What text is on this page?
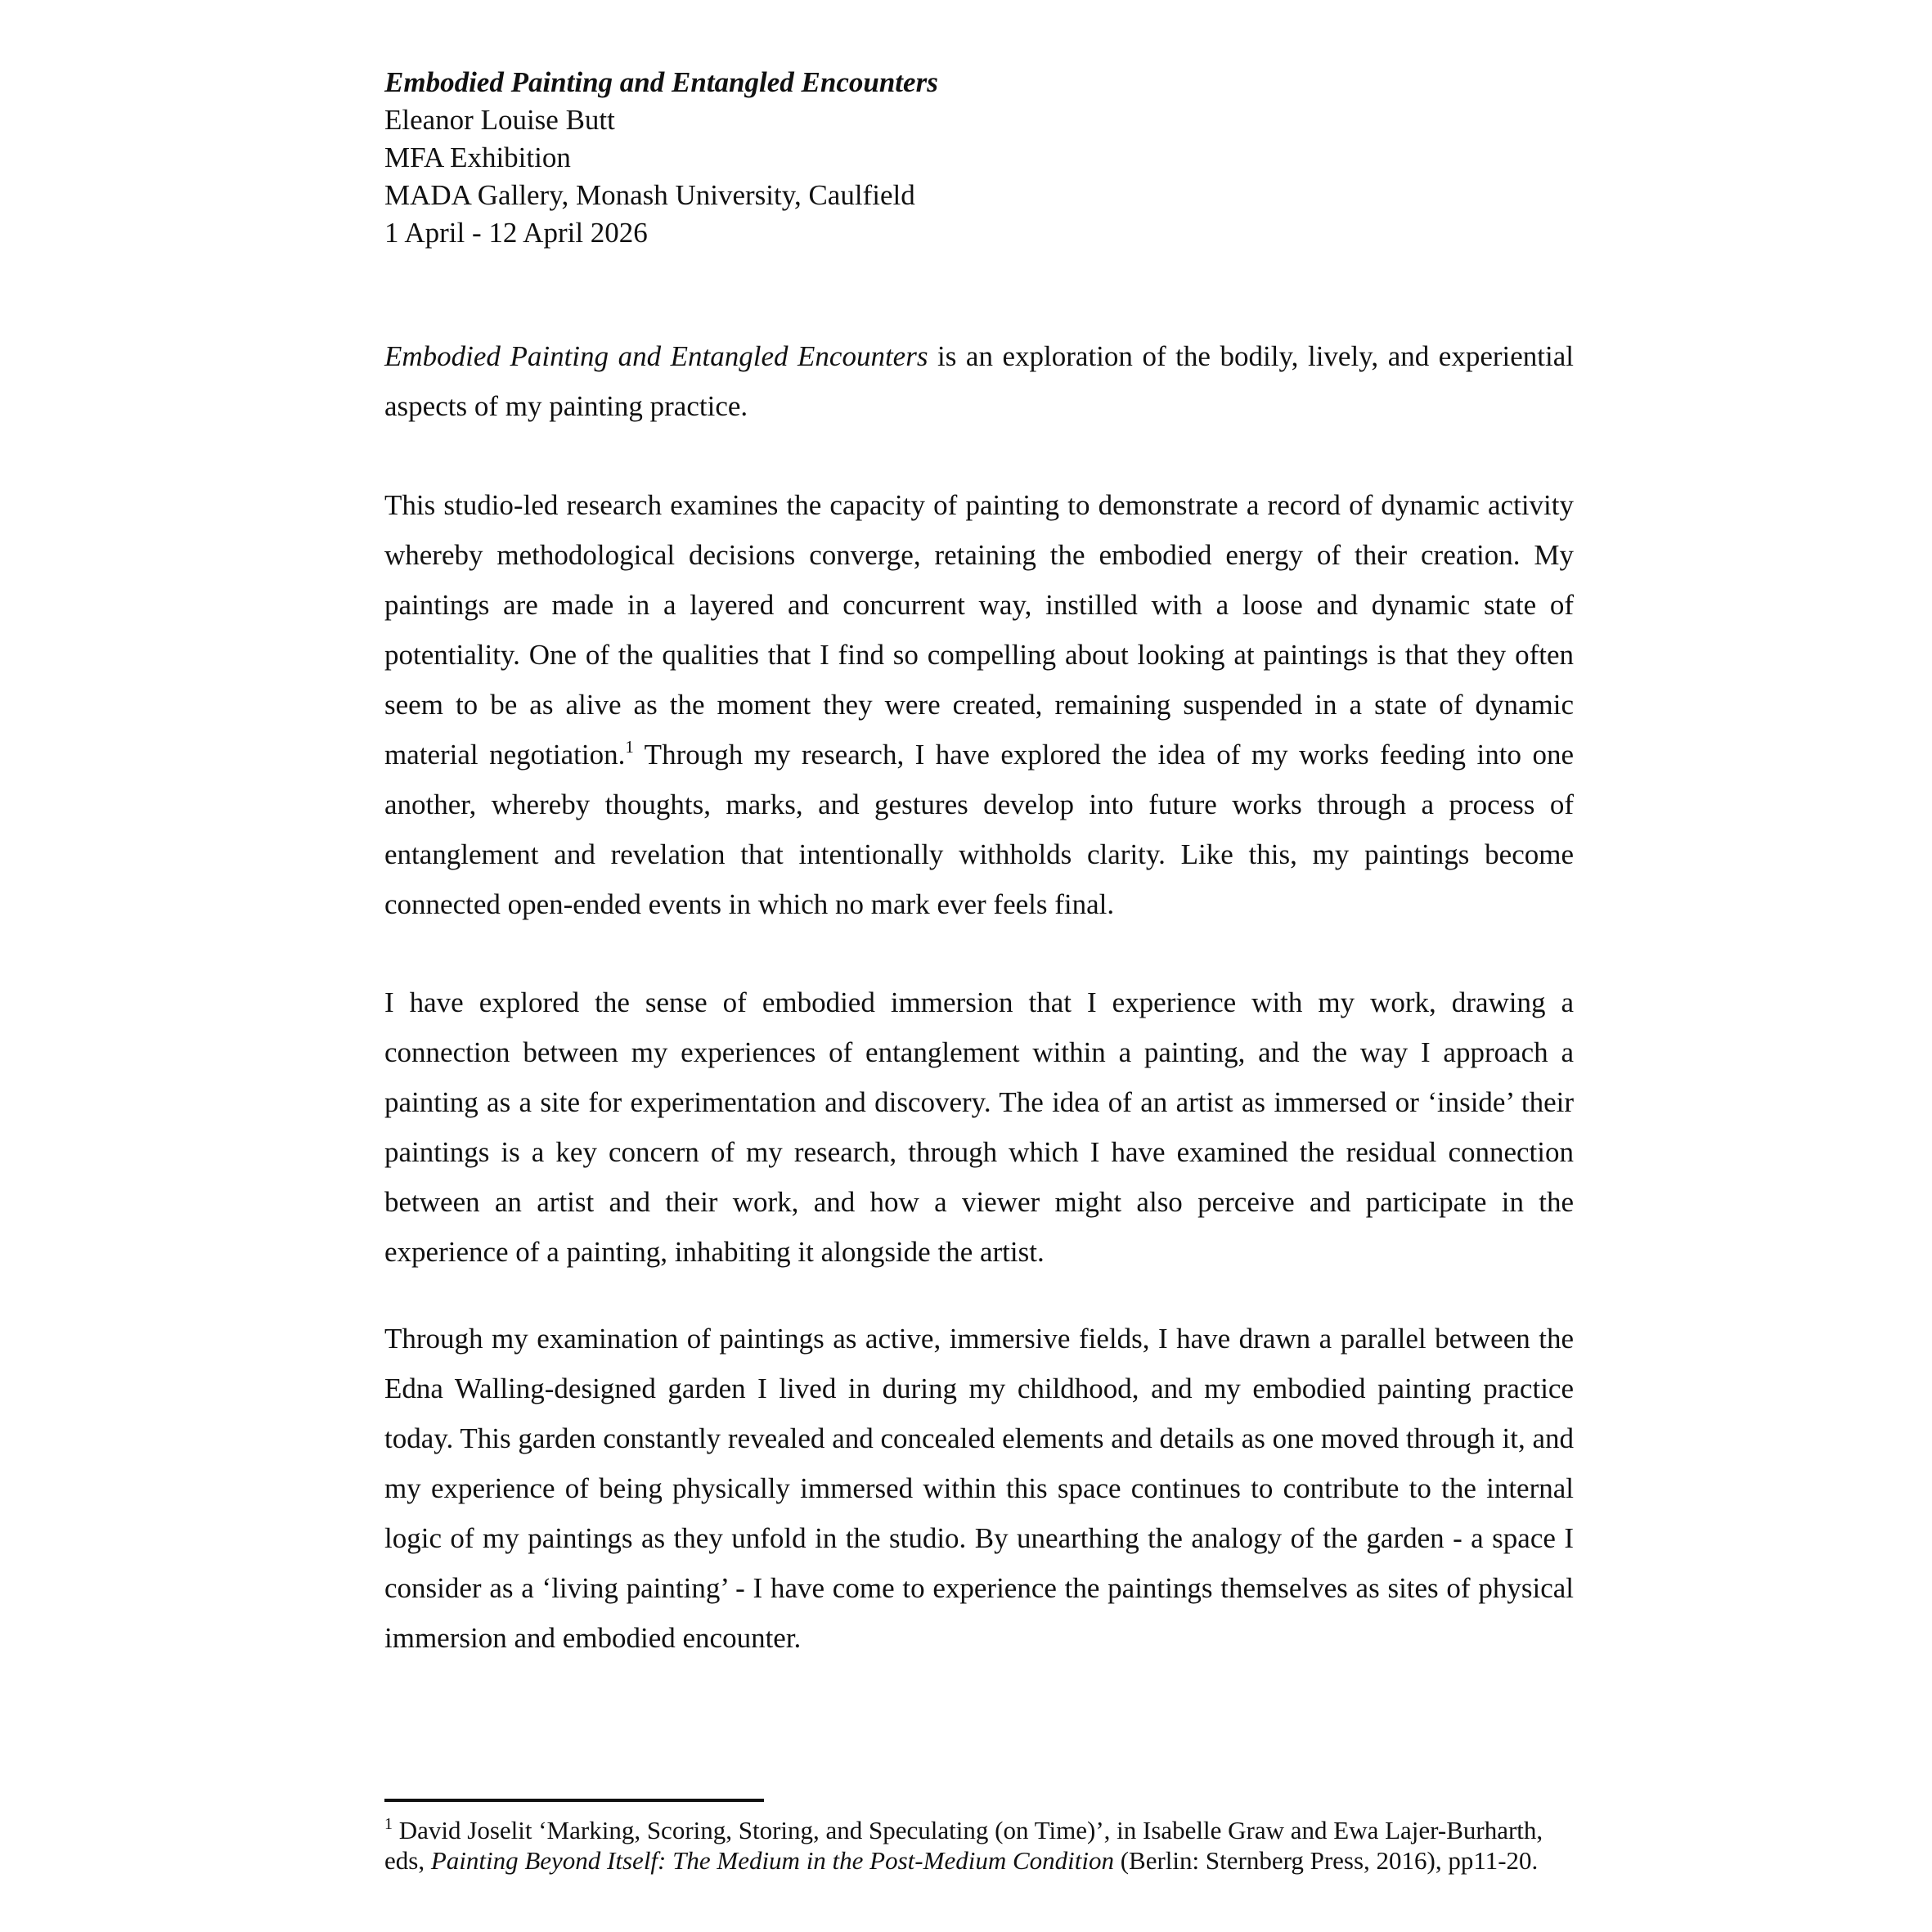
Embodied Painting and Entangled Encounters
Eleanor Louise Butt
MFA Exhibition
MADA Gallery, Monash University, Caulfield
1 April - 12 April 2026

Embodied Painting and Entangled Encounters is an exploration of the bodily, lively, and experiential aspects of my painting practice.

This studio-led research examines the capacity of painting to demonstrate a record of dynamic activity whereby methodological decisions converge, retaining the embodied energy of their creation. My paintings are made in a layered and concurrent way, instilled with a loose and dynamic state of potentiality. One of the qualities that I find so compelling about looking at paintings is that they often seem to be as alive as the moment they were created, remaining suspended in a state of dynamic material negotiation.$^1$ Through my research, I have explored the idea of my works feeding into one another, whereby thoughts, marks, and gestures develop into future works through a process of entanglement and revelation that intentionally withholds clarity. Like this, my paintings become connected open-ended events in which no mark ever feels final.

I have explored the sense of embodied immersion that I experience with my work, drawing a connection between my experiences of entanglement within a painting, and the way I approach a painting as a site for experimentation and discovery. The idea of an artist as immersed or ‘inside’ their paintings is a key concern of my research, through which I have examined the residual connection between an artist and their work, and how a viewer might also perceive and participate in the experience of a painting, inhabiting it alongside the artist.

Through my examination of paintings as active, immersive fields, I have drawn a parallel between the Edna Walling-designed garden I lived in during my childhood, and my embodied painting practice today. This garden constantly revealed and concealed elements and details as one moved through it, and my experience of being physically immersed within this space continues to contribute to the internal logic of my paintings as they unfold in the studio. By unearthing the analogy of the garden - a space I consider as a ‘living painting’ - I have come to experience the paintings themselves as sites of physical immersion and embodied encounter.

$^1$ David Joselit ‘Marking, Scoring, Storing, and Speculating (on Time)’, in Isabelle Graw and Ewa Lajer-Burharth, eds, Painting Beyond Itself: The Medium in the Post-Medium Condition (Berlin: Sternberg Press, 2016), pp11-20.
